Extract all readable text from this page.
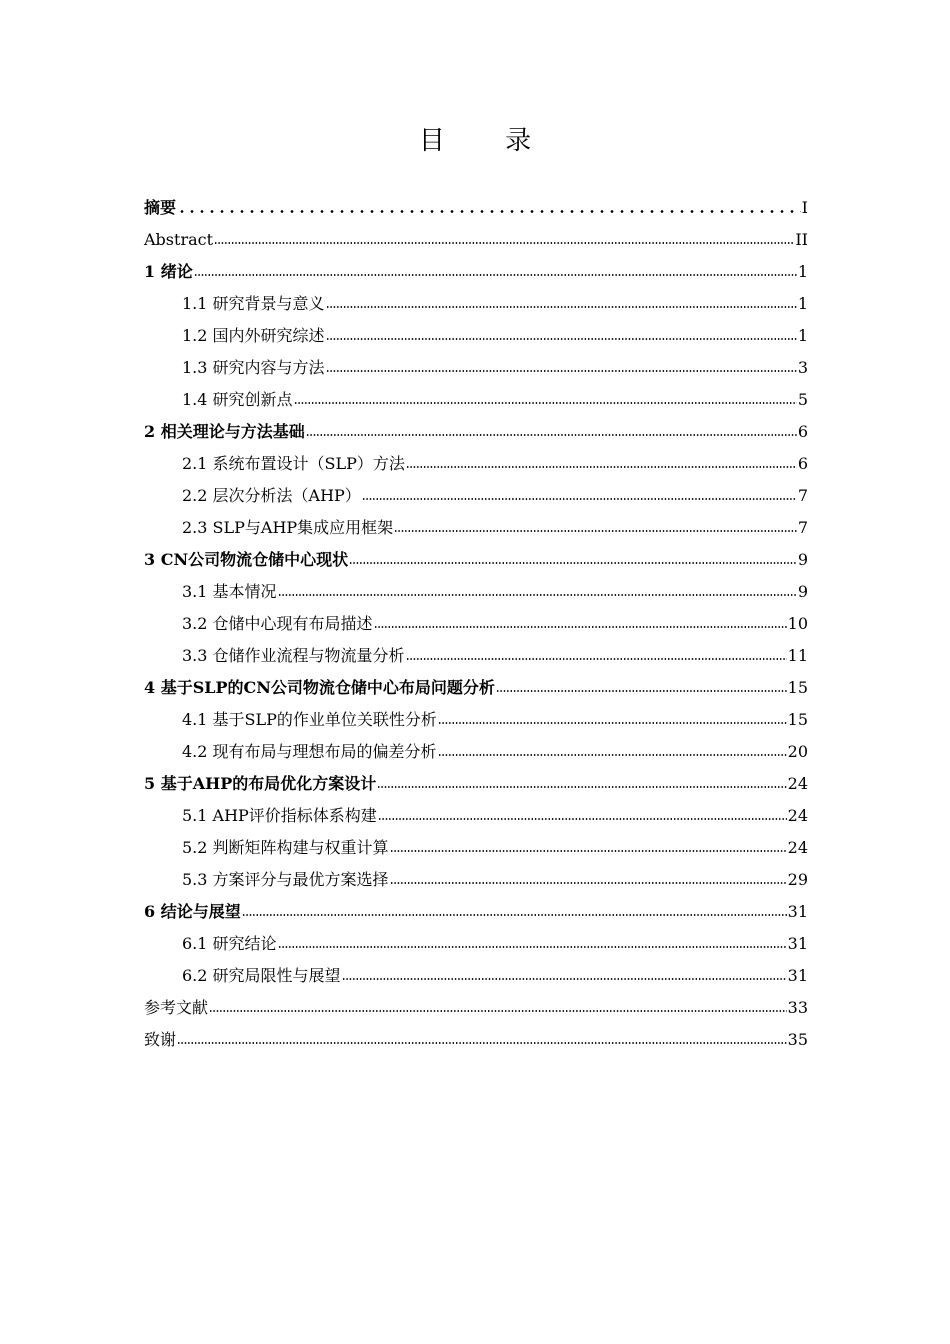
目 录
摘要	I
Abstract	II
1 绪论	1
1.1 研究背景与意义	1
1.2 国内外研究综述	1
1.3 研究内容与方法	3
1.4 研究创新点	5
2 相关理论与方法基础	6
2.1 系统布置设计（SLP）方法	6
2.2 层次分析法（AHP）	7
2.3 SLP与AHP集成应用框架	7
3 CN公司物流仓储中心现状	9
3.1 基本情况	9
3.2 仓储中心现有布局描述	10
3.3 仓储作业流程与物流量分析	11
4 基于SLP的CN公司物流仓储中心布局问题分析	15
4.1 基于SLP的作业单位关联性分析	15
4.2 现有布局与理想布局的偏差分析	20
5 基于AHP的布局优化方案设计	24
5.1 AHP评价指标体系构建	24
5.2 判断矩阵构建与权重计算	24
5.3 方案评分与最优方案选择	29
6 结论与展望	31
6.1 研究结论	31
6.2 研究局限性与展望	31
参考文献	33
致谢	35
